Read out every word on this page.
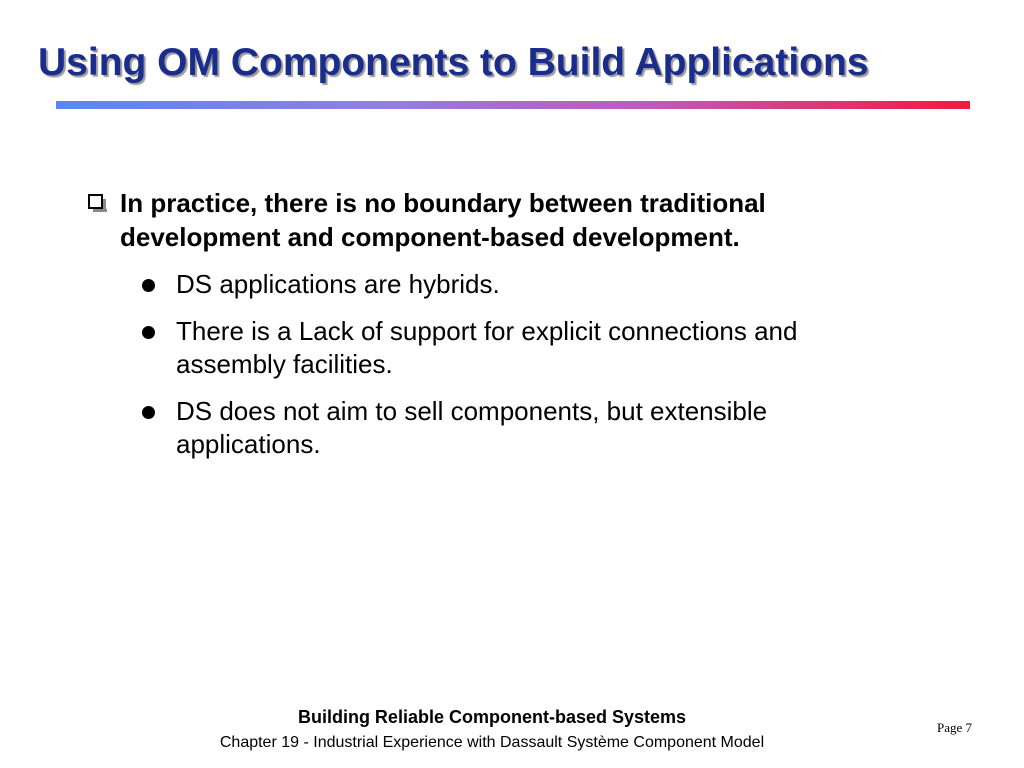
Using OM Components to Build Applications
In practice, there is no boundary between traditional development and component-based development.
DS applications are hybrids.
There is a Lack of support for explicit connections and assembly facilities.
DS does not aim to sell components, but extensible applications.
Building Reliable Component-based Systems
Chapter 19 - Industrial Experience with Dassault Système Component Model
Page 7
